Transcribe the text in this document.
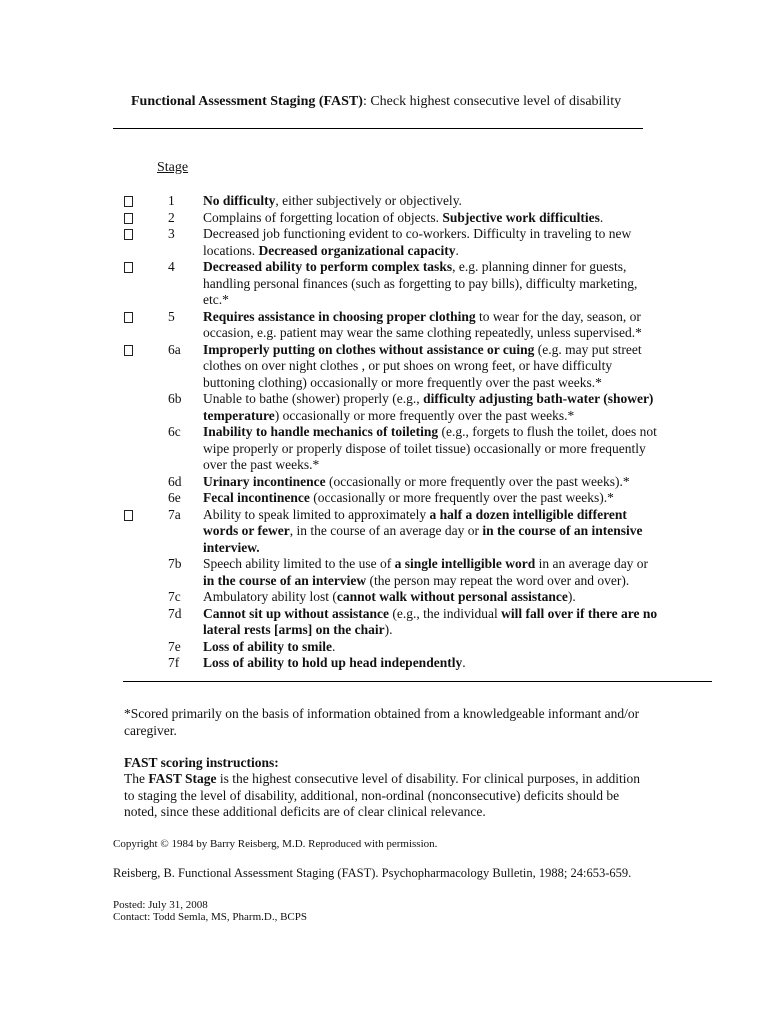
Functional Assessment Staging (FAST): Check highest consecutive level of disability
Stage
1	No difficulty, either subjectively or objectively.
2	Complains of forgetting location of objects. Subjective work difficulties.
3	Decreased job functioning evident to co-workers. Difficulty in traveling to new locations. Decreased organizational capacity.
4	Decreased ability to perform complex tasks, e.g. planning dinner for guests, handling personal finances (such as forgetting to pay bills), difficulty marketing, etc.*
5	Requires assistance in choosing proper clothing to wear for the day, season, or occasion, e.g. patient may wear the same clothing repeatedly, unless supervised.*
6a	Improperly putting on clothes without assistance or cuing (e.g. may put street clothes on over night clothes , or put shoes on wrong feet, or have difficulty buttoning clothing) occasionally or more frequently over the past weeks.*
6b	Unable to bathe (shower) properly (e.g., difficulty adjusting bath-water (shower) temperature) occasionally or more frequently over the past weeks.*
6c	Inability to handle mechanics of toileting (e.g., forgets to flush the toilet, does not wipe properly or properly dispose of toilet tissue) occasionally or more frequently over the past weeks.*
6d	Urinary incontinence (occasionally or more frequently over the past weeks).*
6e	Fecal incontinence (occasionally or more frequently over the past weeks).*
7a	Ability to speak limited to approximately a half a dozen intelligible different words or fewer, in the course of an average day or in the course of an intensive interview.
7b	Speech ability limited to the use of a single intelligible word in an average day or in the course of an interview (the person may repeat the word over and over).
7c	Ambulatory ability lost (cannot walk without personal assistance).
7d	Cannot sit up without assistance (e.g., the individual will fall over if there are no lateral rests [arms] on the chair).
7e	Loss of ability to smile.
7f	Loss of ability to hold up head independently.
*Scored primarily on the basis of information obtained from a knowledgeable informant and/or caregiver.
FAST scoring instructions:
The FAST Stage is the highest consecutive level of disability. For clinical purposes, in addition to staging the level of disability, additional, non-ordinal (nonconsecutive) deficits should be noted, since these additional deficits are of clear clinical relevance.
Copyright © 1984 by Barry Reisberg, M.D. Reproduced with permission.
Reisberg, B. Functional Assessment Staging (FAST). Psychopharmacology Bulletin, 1988; 24:653-659.
Posted: July 31, 2008
Contact: Todd Semla, MS, Pharm.D., BCPS
